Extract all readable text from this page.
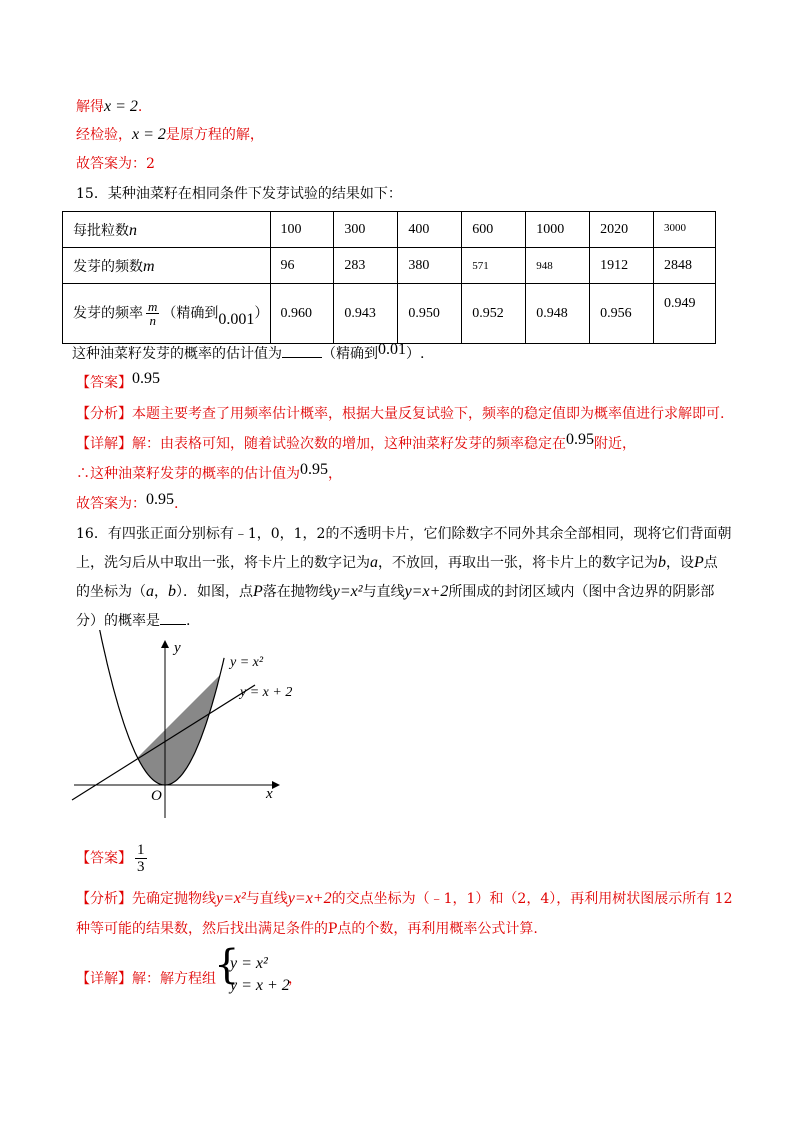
解得x = 2.
经检验，x = 2是原方程的解，
故答案为：2
15．某种油菜籽在相同条件下发芽试验的结果如下：
每批粒数n	100	300	400	600	1000	2020	3000
发芽的频数m	96	283	380	571	948	1912	2848
发芽的频率 $\frac{m}{n}$ （精确到0.001）	0.960	0.943	0.950	0.952	0.948	0.956	0.949
这种油菜籽发芽的概率的估计值为	（精确到0.01）.
【答案】0.95
【分析】本题主要考查了用频率估计概率，根据大量反复试验下，频率的稳定值即为概率值进行求解即可.
【详解】解：由表格可知，随着试验次数的增加，这种油菜籽发芽的频率稳定在0.95附近，
∴这种油菜籽发芽的概率的估计值为0.95，
故答案为：0.95.
16．有四张正面分别标有﹣1，0，1，2的不透明卡片，它们除数字不同外其余全部相同，现将它们背面朝
上，洗匀后从中取出一张，将卡片上的数字记为a，不放回，再取出一张，将卡片上的数字记为b，设P点
的坐标为（a，b）．如图，点P落在抛物线y=x²与直线y=x+2所围成的封闭区域内（图中含边界的阴影部
分）的概率是 .
y
x
O
y = x²
y = x + 2
【答案】 $\frac{1}{3}$
【分析】先确定抛物线y=x²与直线y=x+2的交点坐标为（﹣1，1）和（2，4），再利用树状图展示所有 12
种等可能的结果数，然后找出满足条件的P点的个数，再利用概率公式计算.
【详解】解：解方程组
{
y = x²
y = x + 2
，
